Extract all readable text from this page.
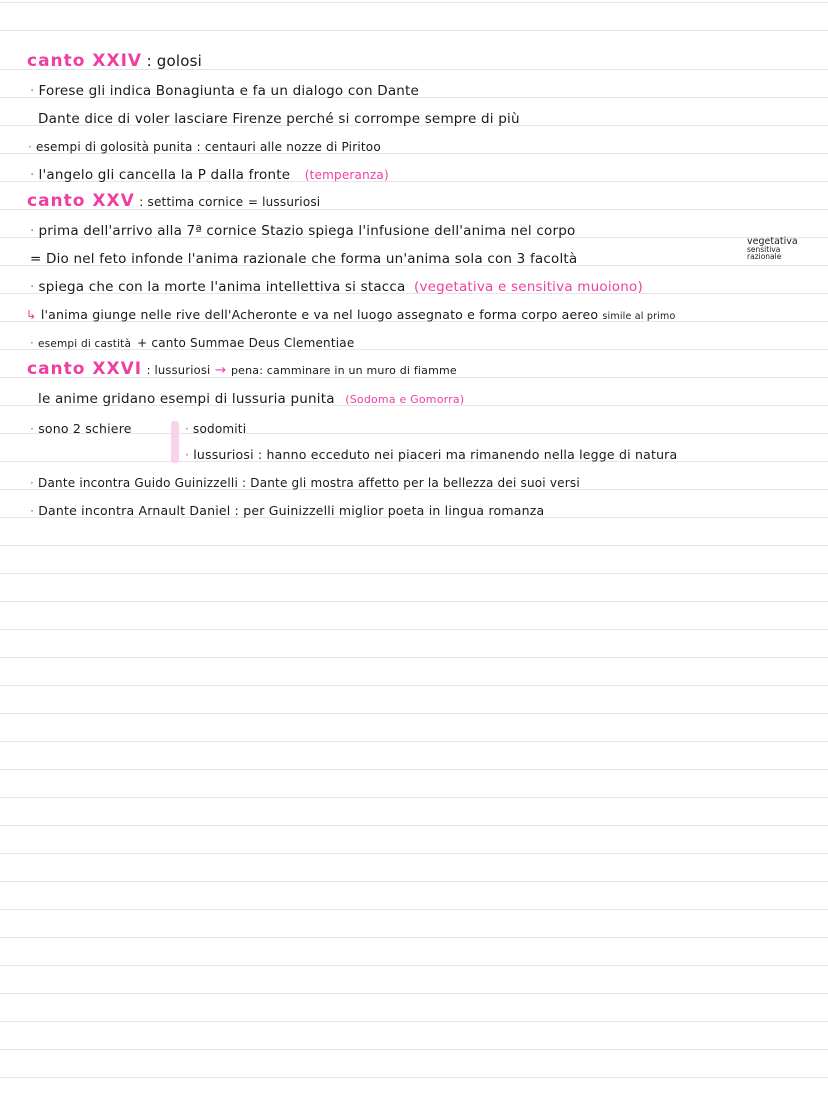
canto XXIV : golosi
· Forese gli indica Bonagiunta e fa un dialogo con Dante
Dante dice di voler lasciare Firenze perché si corrompe sempre di più
· esempi di golosità punita : centauri alle nozze di Piritoo
· l'angelo gli cancella la P dalla fronte (temperanza)
canto XXV : settima cornice = lussuriosi
· prima dell'arrivo alla 7ª cornice Stazio spiega l'infusione dell'anima nel corpo
= Dio nel feto infonde l'anima razionale che forma un'anima sola con 3 facoltà
vegetativa
sensitiva
razionale
· spiega che con la morte l'anima intellettiva si stacca (vegetativa e sensitiva muoiono)
↳ l'anima giunge nelle rive dell'Acheronte e va nel luogo assegnato e forma corpo aereo simile al primo
· esempi di castità + canto Summae Deus Clementiae
canto XXVI : lussuriosi → pena: camminare in un muro di fiamme
le anime gridano esempi di lussuria punita (Sodoma e Gomorra)
· sono 2 schiere	· sodomiti
· lussuriosi : hanno ecceduto nei piaceri ma rimanendo nella legge di natura
· Dante incontra Guido Guinizzelli : Dante gli mostra affetto per la bellezza dei suoi versi
· Dante incontra Arnault Daniel : per Guinizzelli miglior poeta in lingua romanza
